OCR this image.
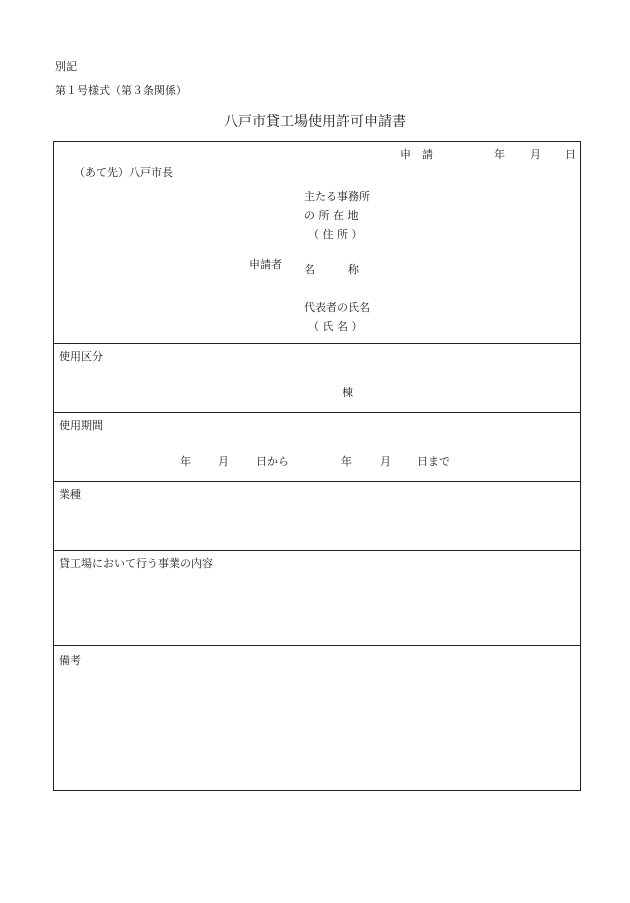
別記
第１号様式（第３条関係）
八戸市貸工場使用許可申請書
申　請	年 月 日
（あて先）八戸市長
主たる事務所
の 所 在 地
（ 住 所 ）
申請者 名　　　称
代表者の氏名
（ 氏 名 ）
使用区分
棟
使用期間
年 月 日から	年	月 日まで
業種
貸工場において行う事業の内容
備考
